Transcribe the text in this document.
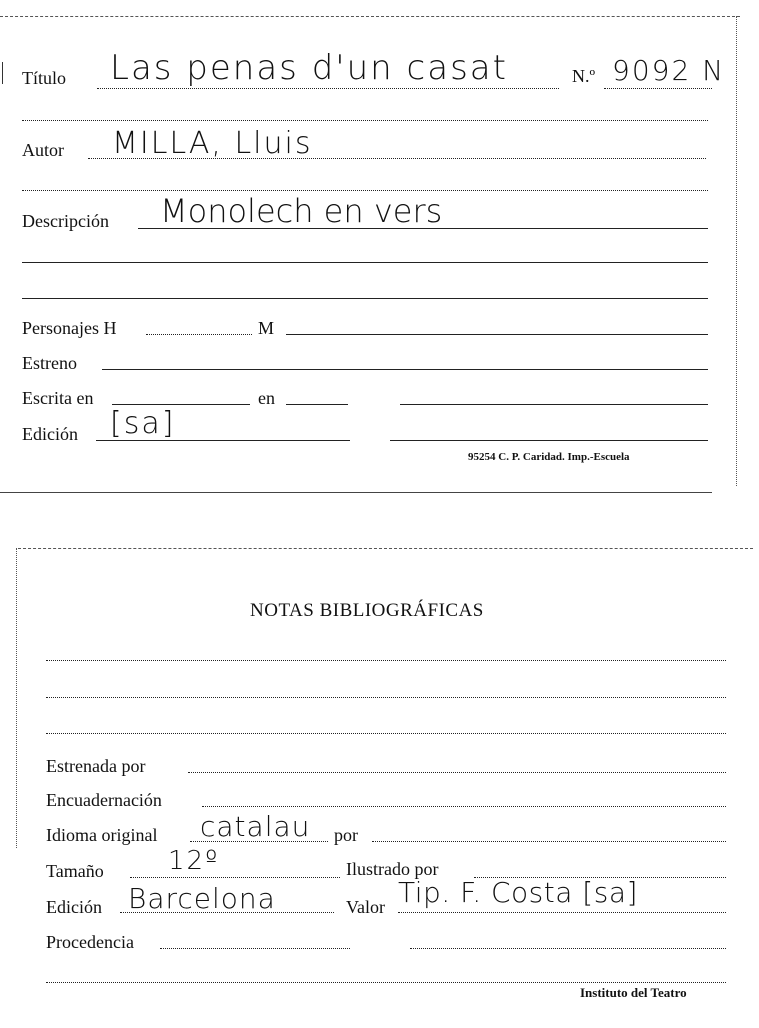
Título Las penas d'un casat	N.º 9092 N
Autor MILLA, Lluis
Descripción Monolech en vers
Personajes H	M
Estreno
Escrita en	en
Edición [sa]
95254 C. P. Caridad. Imp.-Escuela
NOTAS BIBLIOGRÁFICAS
Estrenada por
Encuadernación
Idioma original catalau por
Tamaño 12º	Ilustrado por
Edición Barcelona	Valor Tip. F. Costa [sa]
Procedencia
Instituto del Teatro
